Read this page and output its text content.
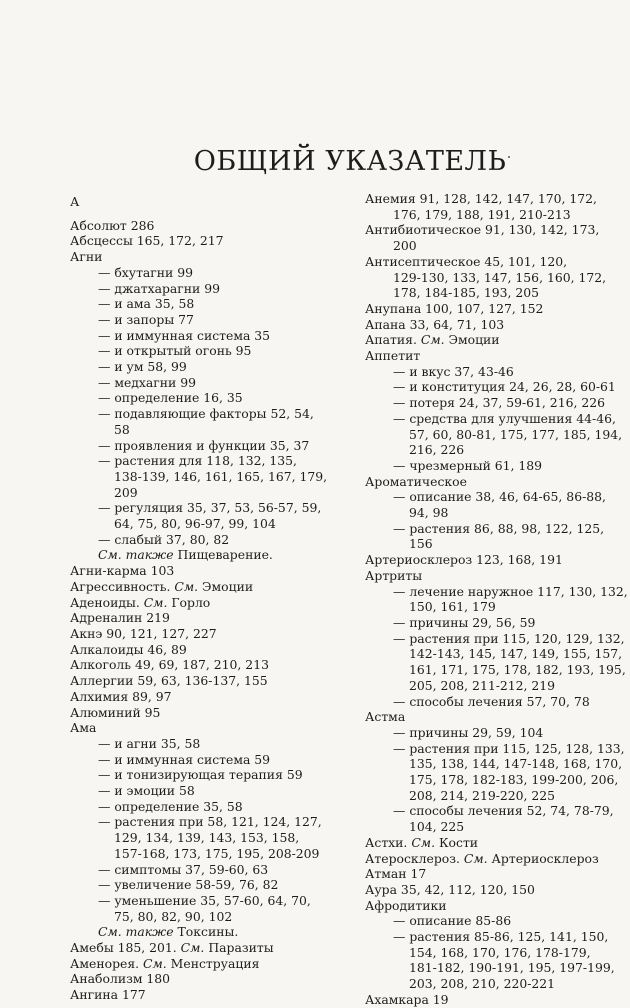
ОБЩИЙ УКАЗАТЕЛЬ
А
Абсолют 286
Абсцессы 165, 172, 217
Агни
— бхутагни 99
— джатхарагни 99
— и ама 35, 58
— и запоры 77
— и иммунная система 35
— и открытый огонь 95
— и ум 58, 99
— медхагни 99
— определение 16, 35
— подавляющие факторы 52, 54,
58
— проявления и функции 35, 37
— растения для 118, 132, 135,
138-139, 146, 161, 165, 167, 179,
209
— регуляция 35, 37, 53, 56-57, 59,
64, 75, 80, 96-97, 99, 104
— слабый 37, 80, 82
См. также Пищеварение.
Агни-карма 103
Агрессивность. См. Эмоции
Аденоиды. См. Горло
Адреналин 219
Акнэ 90, 121, 127, 227
Алкалоиды 46, 89
Алкоголь 49, 69, 187, 210, 213
Аллергии 59, 63, 136-137, 155
Алхимия 89, 97
Алюминий 95
Ама
— и агни 35, 58
— и иммунная система 59
— и тонизирующая терапия 59
— и эмоции 58
— определение 35, 58
— растения при 58, 121, 124, 127,
129, 134, 139, 143, 153, 158,
157-168, 173, 175, 195, 208-209
— симптомы 37, 59-60, 63
— увеличение 58-59, 76, 82
— уменьшение 35, 57-60, 64, 70,
75, 80, 82, 90, 102
См. также Токсины.
Амебы 185, 201. См. Паразиты
Аменорея. См. Менструация
Анаболизм 180
Ангина 177
Анемия 91, 128, 142, 147, 170, 172,
176, 179, 188, 191, 210-213
Антибиотическое 91, 130, 142, 173,
200
Антисептическое 45, 101, 120,
129-130, 133, 147, 156, 160, 172,
178, 184-185, 193, 205
Анупана 100, 107, 127, 152
Апана 33, 64, 71, 103
Апатия. См. Эмоции
Аппетит
— и вкус 37, 43-46
— и конституция 24, 26, 28, 60-61
— потеря 24, 37, 59-61, 216, 226
— средства для улучшения 44-46,
57, 60, 80-81, 175, 177, 185, 194,
216, 226
— чрезмерный 61, 189
Ароматическое
— описание 38, 46, 64-65, 86-88,
94, 98
— растения 86, 88, 98, 122, 125,
156
Артериосклероз 123, 168, 191
Артриты
— лечение наружное 117, 130, 132,
150, 161, 179
— причины 29, 56, 59
— растения при 115, 120, 129, 132,
142-143, 145, 147, 149, 155, 157,
161, 171, 175, 178, 182, 193, 195,
205, 208, 211-212, 219
— способы лечения 57, 70, 78
Астма
— причины 29, 59, 104
— растения при 115, 125, 128, 133,
135, 138, 144, 147-148, 168, 170,
175, 178, 182-183, 199-200, 206,
208, 214, 219-220, 225
— способы лечения 52, 74, 78-79,
104, 225
Астхи. См. Кости
Атеросклероз. См. Артериосклероз
Атман 17
Аура 35, 42, 112, 120, 150
Афродитики
— описание 85-86
— растения 85-86, 125, 141, 150,
154, 168, 170, 176, 178-179,
181-182, 190-191, 195, 197-199,
203, 208, 210, 220-221
Ахамкара 19
